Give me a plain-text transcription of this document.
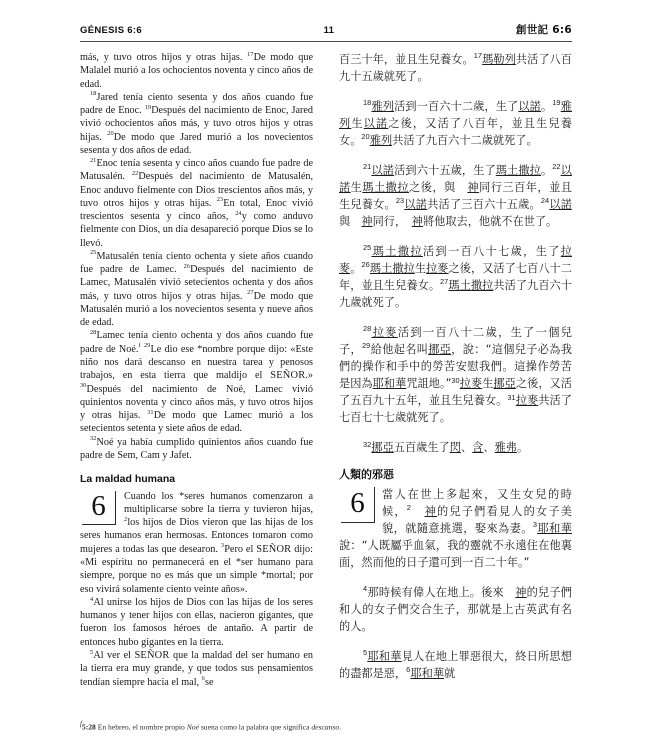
GÉNESIS 6:6	11	創世記 6:6

más, y tuvo otros hijos y otras hijas. $^{17}$De modo que Malalel murió a los ochocientos noventa y cinco años de edad.

$^{18}$Jared tenía ciento sesenta y dos años cuando fue padre de Enoc. $^{19}$Después del nacimiento de Enoc, Jared vivió ochocientos años más, y tuvo otros hijos y otras hijas. $^{20}$De modo que Jared murió a los novecientos sesenta y dos años de edad.

$^{21}$Enoc tenía sesenta y cinco años cuando fue padre de Matusalén. $^{22}$Después del nacimiento de Matusalén, Enoc anduvo fielmente con Dios trescientos años más, y tuvo otros hijos y otras hijas. $^{23}$En total, Enoc vivió trescientos sesenta y cinco años, $^{24}$y como anduvo fielmente con Dios, un día desapareció porque Dios se lo llevó.

$^{25}$Matusalén tenía ciento ochenta y siete años cuando fue padre de Lamec. $^{26}$Después del nacimiento de Lamec, Matusalén vivió setecientos ochenta y dos años más, y tuvo otros hijos y otras hijas. $^{27}$De modo que Matusalén murió a los novecientos sesenta y nueve años de edad.

$^{28}$Lamec tenía ciento ochenta y dos años cuando fue padre de Noé.$^f$ $^{29}$Le dio ese *nombre porque dijo: «Este niño nos dará descanso en nuestra tarea y penosos trabajos, en esta tierra que maldijo el SEÑOR.» $^{30}$Después del nacimiento de Noé, Lamec vivió quinientos noventa y cinco años más, y tuvo otros hijos y otras hijas. $^{31}$De modo que Lamec murió a los setecientos setenta y siete años de edad.

$^{32}$Noé ya había cumplido quinientos años cuando fue padre de Sem, Cam y Jafet.

La maldad humana
6	Cuando los *seres humanos comenzaron a multiplicarse sobre la tierra y tuvieron hijas, $^2$los hijos de Dios vieron que las hijas de los seres humanos eran hermosas. Entonces tomaron como mujeres a todas las que desearon. $^3$Pero el SEÑOR dijo: «Mi espíritu no permanecerá en el *ser humano para siempre, porque no es más que un simple *mortal; por eso vivirá solamente ciento veinte años».

$^4$Al unirse los hijos de Dios con las hijas de los seres humanos y tener hijos con ellas, nacieron gigantes, que fueron los famosos héroes de antaño. A partir de entonces hubo gigantes en la tierra.

$^5$Al ver el SEÑOR que la maldad del ser humano en la tierra era muy grande, y que todos sus pensamientos tendían siempre hacia el mal, $^6$se

百三十年，並且生兒養女。$^{17}$瑪勒列共活了八百九十五歲就死了。

$^{18}$雅列活到一百六十二歲，生了以諾。$^{19}$雅列生以諾之後，又活了八百年，並且生兒養女。$^{20}$雅列共活了九百六十二歲就死了。

$^{21}$以諾活到六十五歲，生了瑪土撒拉。$^{22}$以諾生瑪土撒拉之後，與　神同行三百年，並且生兒養女。$^{23}$以諾共活了三百六十五歲。$^{24}$以諾與　神同行，　神將他取去，他就不在世了。

$^{25}$瑪土撒拉活到一百八十七歲，生了拉麥。$^{26}$瑪土撒拉生拉麥之後，又活了七百八十二年，並且生兒養女。$^{27}$瑪土撒拉共活了九百六十九歲就死了。

$^{28}$拉麥活到一百八十二歲，生了一個兒子，$^{29}$給他起名叫挪亞，說：“這個兒子必為我們的操作和手中的勞苦安慰我們。這操作勞苦是因為耶和華咒詛地。”$^{30}$拉麥生挪亞之後，又活了五百九十五年，並且生兒養女。$^{31}$拉麥共活了七百七十七歲就死了。

$^{32}$挪亞五百歲生了閃、含、雅弗。

人類的邪惡
6	當人在世上多起來，又生女兒的時候，$^2$　 神的兒子們看見人的女子美貌，就隨意挑選，娶來為妻。$^3$耶和華說：“人既屬乎血氣，我的靈就不永遠住在他裏面，然而他的日子還可到一百二十年。”

$^4$那時候有偉人在地上。後來　神的兒子們和人的女子們交合生子，那就是上古英武有名的人。

$^5$耶和華見人在地上罪惡很大，終日所思想的盡都是惡，$^6$耶和華就

f5:28 En hebreo, el nombre propio Noé suena como la palabra que significa descanso.
